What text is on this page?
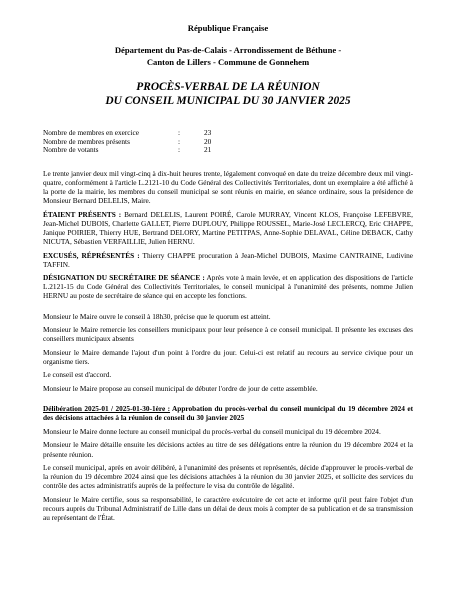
République Française
Département du Pas-de-Calais - Arrondissement de Béthune -
Canton de Lillers - Commune de Gonnehem
PROCÈS-VERBAL DE LA RÉUNION
DU CONSEIL MUNICIPAL DU 30 JANVIER 2025
Nombre de membres en exercice	:	23
Nombre de membres présents	:	20
Nombre de votants	:	21

Le trente janvier deux mil vingt-cinq à dix-huit heures trente, légalement convoqué en date du treize décembre deux mil vingt-quatre, conformément à l'article L.2121-10 du Code Général des Collectivités Territoriales, dont un exemplaire a été affiché à la porte de la mairie, les membres du conseil municipal se sont réunis en mairie, en séance ordinaire, sous la présidence de Monsieur Bernard DELELIS, Maire.

ÉTAIENT PRÉSENTS : Bernard DELELIS, Laurent POIRÉ, Carole MURRAY, Vincent KLOS, Françoise LEFEBVRE, Jean-Michel DUBOIS, Charlette GALLET, Pierre DUPLOUY, Philippe ROUSSEL, Marie-José LECLERCQ, Eric CHAPPE, Janique POIRIER, Thierry HUE, Bertrand DELORY, Martine PETITPAS, Anne-Sophie DELAVAL, Céline DEBACK, Cathy NICUTA, Sébastien VERFAILLIE, Julien HERNU.

EXCUSÉS, RÉPRÉSENTÉS : Thierry CHAPPE procuration à Jean-Michel DUBOIS, Maxime CANTRAINE, Ludivine TAFFIN.

DÉSIGNATION DU SECRÉTAIRE DE SÉANCE : Après vote à main levée, et en application des dispositions de l'article L.2121-15 du Code Général des Collectivités Territoriales, le conseil municipal à l'unanimité des présents, nomme Julien HERNU au poste de secrétaire de séance qui en accepte les fonctions.

Monsieur le Maire ouvre le conseil à 18h30, précise que le quorum est atteint.

Monsieur le Maire remercie les conseillers municipaux pour leur présence à ce conseil municipal. Il présente les excuses des conseillers municipaux absents

Monsieur le Maire demande l'ajout d'un point à l'ordre du jour. Celui-ci est relatif au recours au service civique pour un organisme tiers.

Le conseil est d'accord.

Monsieur le Maire propose au conseil municipal de débuter l'ordre de jour de cette assemblée.

Délibération 2025-01 / 2025-01-30-1ère : Approbation du procès-verbal du conseil municipal du 19 décembre 2024 et des décisions attachées à la réunion de conseil du 30 janvier 2025

Monsieur le Maire donne lecture au conseil municipal du procès-verbal du conseil municipal du 19 décembre 2024.

Monsieur le Maire détaille ensuite les décisions actées au titre de ses délégations entre la réunion du 19 décembre 2024 et la présente réunion.

Le conseil municipal, après en avoir délibéré, à l'unanimité des présents et représentés, décide d'approuver le procès-verbal de la réunion du 19 décembre 2024 ainsi que les décisions attachées à la réunion du 30 janvier 2025, et sollicite des services du contrôle des actes administratifs auprès de la préfecture le visa du contrôle de légalité.

Monsieur le Maire certifie, sous sa responsabilité, le caractère exécutoire de cet acte et informe qu'il peut faire l'objet d'un recours auprès du Tribunal Administratif de Lille dans un délai de deux mois à compter de sa publication et de sa transmission au représentant de l'État.
